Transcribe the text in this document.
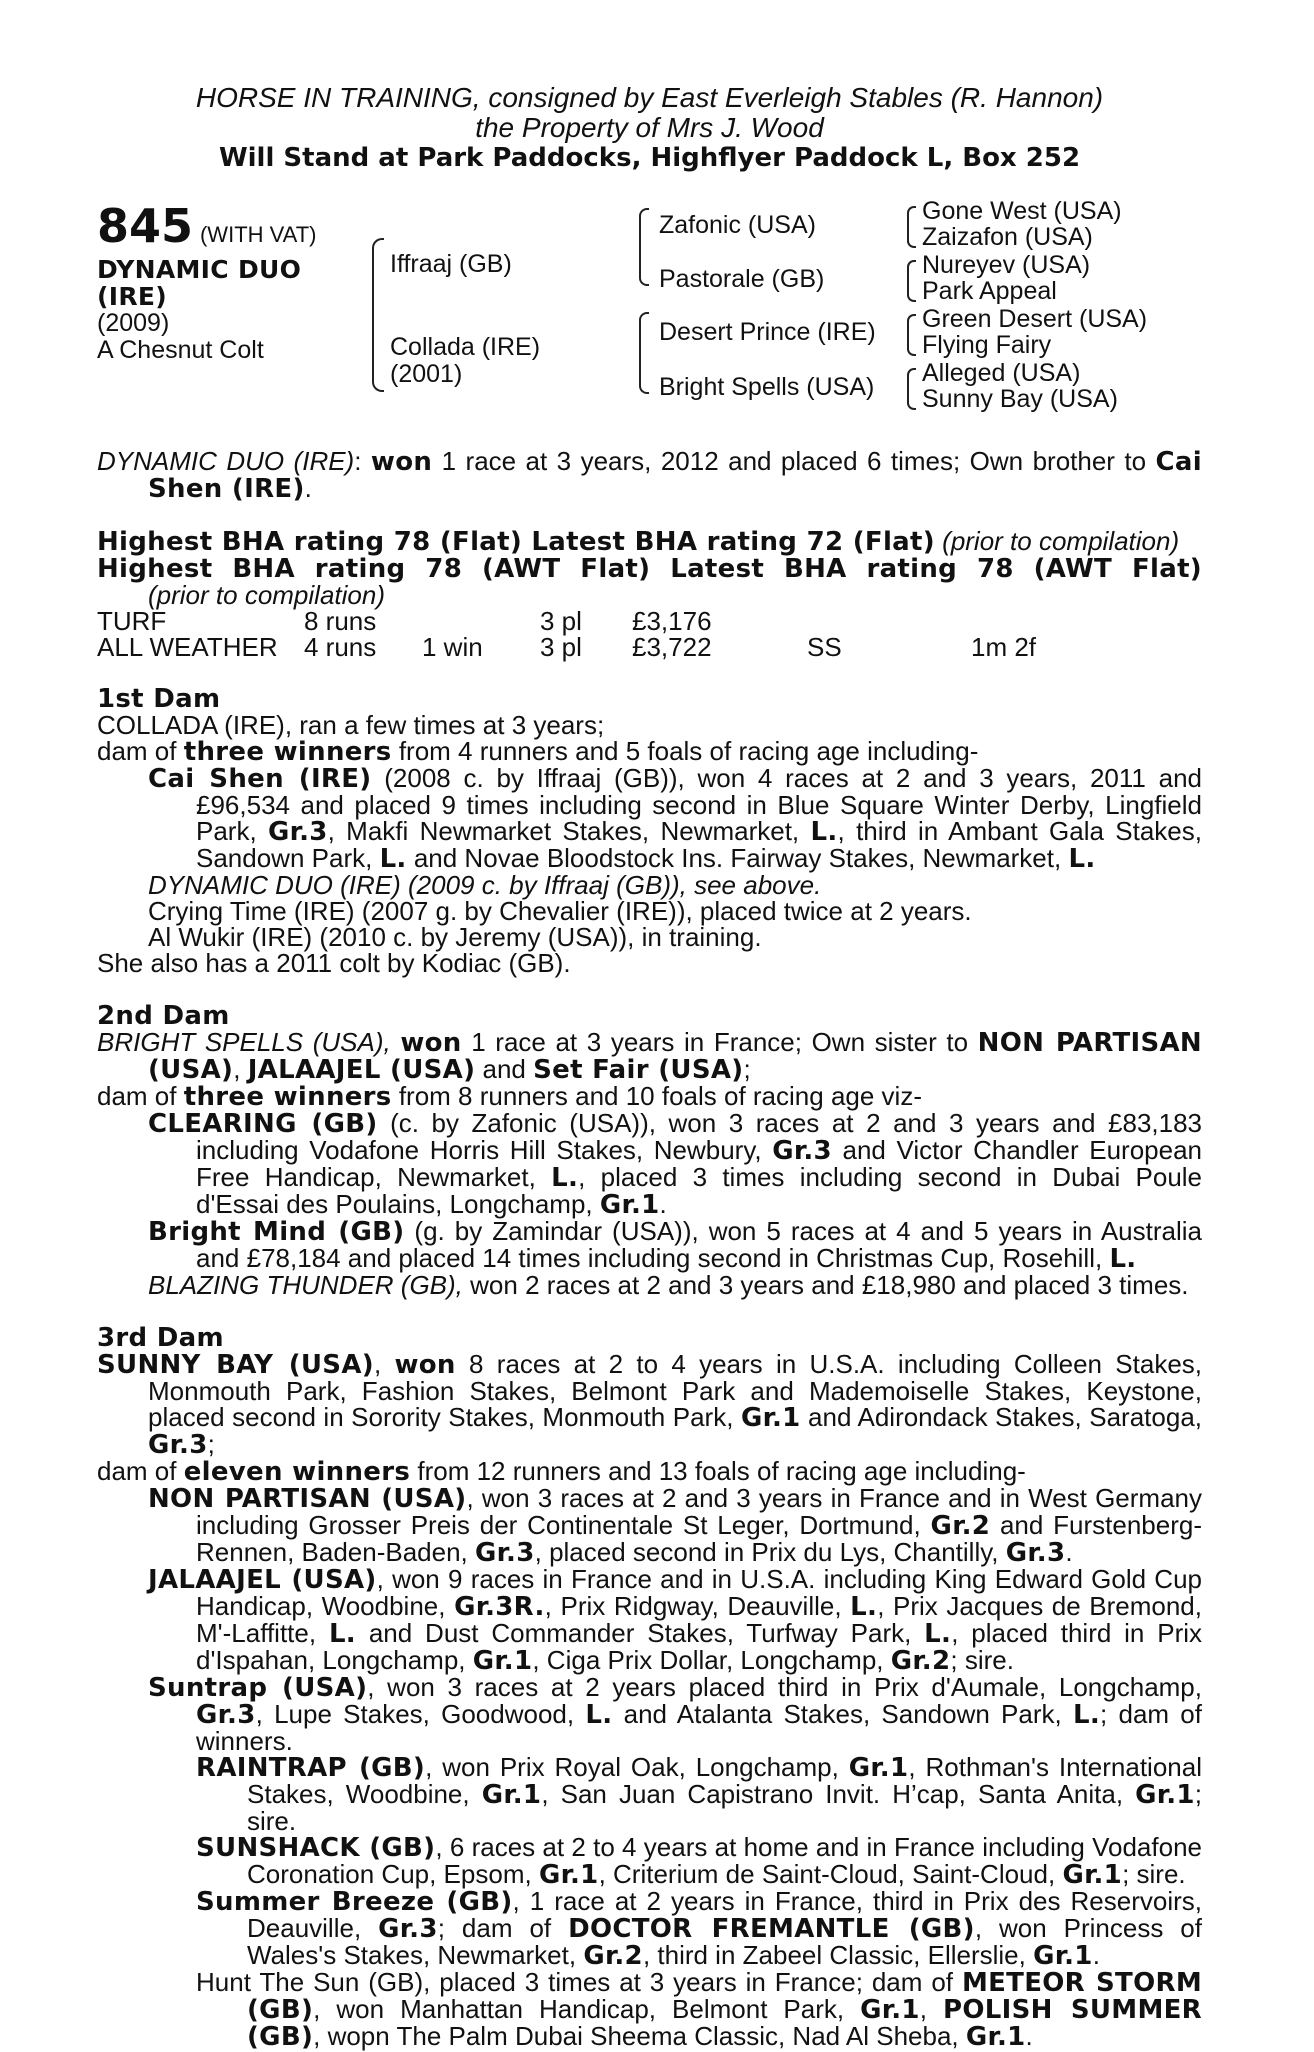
HORSE IN TRAINING, consigned by East Everleigh Stables (R. Hannon)
the Property of Mrs J. Wood
Will Stand at Park Paddocks, Highflyer Paddock L, Box 252
845 (WITH VAT)
DYNAMIC DUO
(IRE)
(2009)
A Chesnut Colt
Iffraaj (GB)
Collada (IRE)
(2001)
Zafonic (USA)
Pastorale (GB)
Desert Prince (IRE)
Bright Spells (USA)
Gone West (USA)
Zaizafon (USA)
Nureyev (USA)
Park Appeal
Green Desert (USA)
Flying Fairy
Alleged (USA)
Sunny Bay (USA)

DYNAMIC DUO (IRE): won 1 race at 3 years, 2012 and placed 6 times; Own brother to Cai Shen (IRE).

Highest BHA rating 78 (Flat) Latest BHA rating 72 (Flat) (prior to compilation)

Highest BHA rating 78 (AWT Flat) Latest BHA rating 78 (AWT Flat) (prior to compilation)

TURF	8 runs		3 pl	£3,176		
ALL WEATHER	4 runs	1 win	3 pl	£3,722	SS	1m 2f

1st Dam

COLLADA (IRE), ran a few times at 3 years;

dam of three winners from 4 runners and 5 foals of racing age including-

Cai Shen (IRE) (2008 c. by Iffraaj (GB)), won 4 races at 2 and 3 years, 2011 and £96,534 and placed 9 times including second in Blue Square Winter Derby, Lingfield Park, Gr.3, Makfi Newmarket Stakes, Newmarket, L., third in Ambant Gala Stakes, Sandown Park, L. and Novae Bloodstock Ins. Fairway Stakes, Newmarket, L.

DYNAMIC DUO (IRE) (2009 c. by Iffraaj (GB)), see above.

Crying Time (IRE) (2007 g. by Chevalier (IRE)), placed twice at 2 years.

Al Wukir (IRE) (2010 c. by Jeremy (USA)), in training.

She also has a 2011 colt by Kodiac (GB).

2nd Dam

BRIGHT SPELLS (USA), won 1 race at 3 years in France; Own sister to NON PARTISAN (USA), JALAAJEL (USA) and Set Fair (USA);

dam of three winners from 8 runners and 10 foals of racing age viz-

CLEARING (GB) (c. by Zafonic (USA)), won 3 races at 2 and 3 years and £83,183 including Vodafone Horris Hill Stakes, Newbury, Gr.3 and Victor Chandler European Free Handicap, Newmarket, L., placed 3 times including second in Dubai Poule d'Essai des Poulains, Longchamp, Gr.1.

Bright Mind (GB) (g. by Zamindar (USA)), won 5 races at 4 and 5 years in Australia and £78,184 and placed 14 times including second in Christmas Cup, Rosehill, L.

BLAZING THUNDER (GB), won 2 races at 2 and 3 years and £18,980 and placed 3 times.

3rd Dam

SUNNY BAY (USA), won 8 races at 2 to 4 years in U.S.A. including Colleen Stakes, Monmouth Park, Fashion Stakes, Belmont Park and Mademoiselle Stakes, Keystone, placed second in Sorority Stakes, Monmouth Park, Gr.1 and Adirondack Stakes, Saratoga, Gr.3;

dam of eleven winners from 12 runners and 13 foals of racing age including-

NON PARTISAN (USA), won 3 races at 2 and 3 years in France and in West Germany including Grosser Preis der Continentale St Leger, Dortmund, Gr.2 and Furstenberg-Rennen, Baden-Baden, Gr.3, placed second in Prix du Lys, Chantilly, Gr.3.

JALAAJEL (USA), won 9 races in France and in U.S.A. including King Edward Gold Cup Handicap, Woodbine, Gr.3R., Prix Ridgway, Deauville, L., Prix Jacques de Bremond, M'-Laffitte, L. and Dust Commander Stakes, Turfway Park, L., placed third in Prix d'Ispahan, Longchamp, Gr.1, Ciga Prix Dollar, Longchamp, Gr.2; sire.

Suntrap (USA), won 3 races at 2 years placed third in Prix d'Aumale, Longchamp, Gr.3, Lupe Stakes, Goodwood, L. and Atalanta Stakes, Sandown Park, L.; dam of winners.

RAINTRAP (GB), won Prix Royal Oak, Longchamp, Gr.1, Rothman's International Stakes, Woodbine, Gr.1, San Juan Capistrano Invit. H’cap, Santa Anita, Gr.1; sire.

SUNSHACK (GB), 6 races at 2 to 4 years at home and in France including Vodafone Coronation Cup, Epsom, Gr.1, Criterium de Saint-Cloud, Saint-Cloud, Gr.1; sire.

Summer Breeze (GB), 1 race at 2 years in France, third in Prix des Reservoirs, Deauville, Gr.3; dam of DOCTOR FREMANTLE (GB), won Princess of Wales's Stakes, Newmarket, Gr.2, third in Zabeel Classic, Ellerslie, Gr.1.

Hunt The Sun (GB), placed 3 times at 3 years in France; dam of METEOR STORM (GB), won Manhattan Handicap, Belmont Park, Gr.1, POLISH SUMMER (GB), wopn The Palm Dubai Sheema Classic, Nad Al Sheba, Gr.1.
